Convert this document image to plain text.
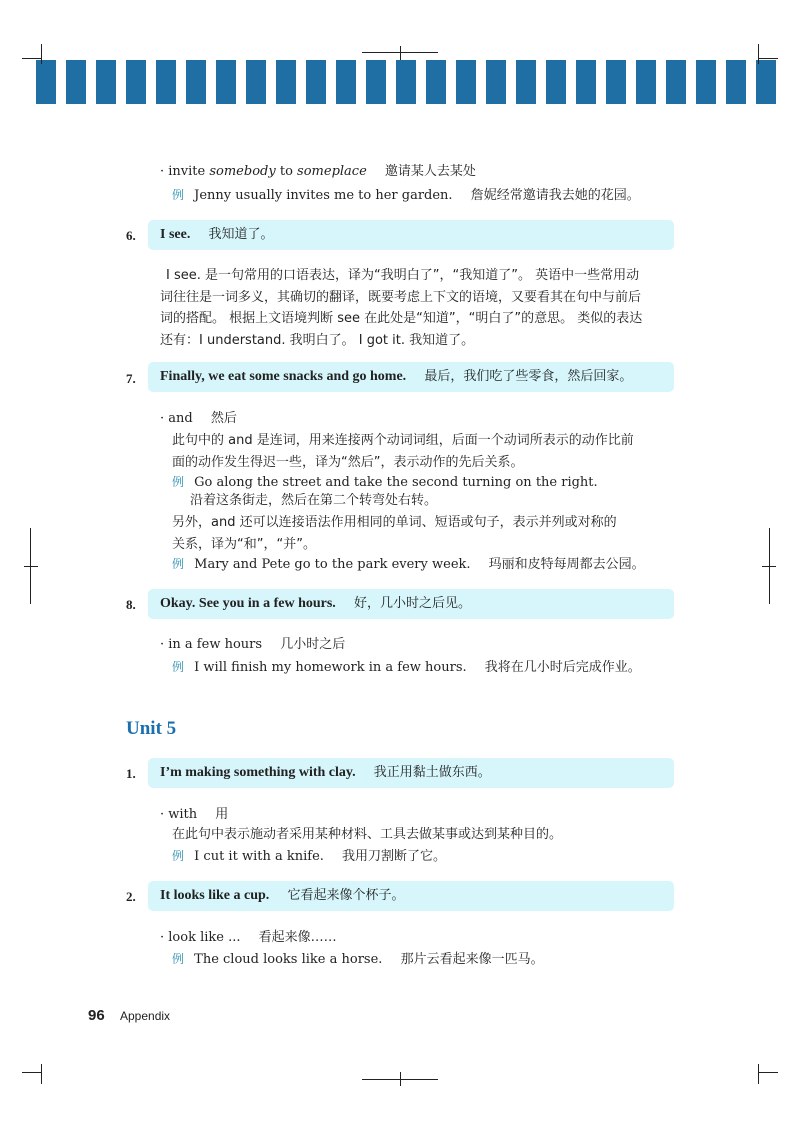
· invite somebody to someplace 邀请某人去某处
例 Jenny usually invites me to her garden. 詹妮经常邀请我去她的花园。
6. I see. 我知道了。
I see. 是一句常用的口语表达，译为“我明白了”，“我知道了”。 英语中一些常用动
词往往是一词多义，其确切的翻译，既要考虑上下文的语境，又要看其在句中与前后
词的搭配。 根据上文语境判断 see 在此处是“知道”，“明白了”的意思。 类似的表达
还有：I understand. 我明白了。 I got it. 我知道了。
7. Finally, we eat some snacks and go home. 最后，我们吃了些零食，然后回家。
· and 然后
此句中的 and 是连词，用来连接两个动词词组，后面一个动词所表示的动作比前
面的动作发生得迟一些，译为“然后”，表示动作的先后关系。
例 Go along the street and take the second turning on the right.
沿着这条街走，然后在第二个转弯处右转。
另外，and 还可以连接语法作用相同的单词、短语或句子，表示并列或对称的
关系，译为“和”，“并”。
例 Mary and Pete go to the park every week. 玛丽和皮特每周都去公园。
8. Okay. See you in a few hours. 好，几小时之后见。
· in a few hours 几小时之后
例 I will finish my homework in a few hours. 我将在几小时后完成作业。
Unit 5
1. I’m making something with clay. 我正用黏土做东西。
· with 用
在此句中表示施动者采用某种材料、工具去做某事或达到某种目的。
例 I cut it with a knife. 我用刀割断了它。
2. It looks like a cup. 它看起来像个杯子。
· look like ... 看起来像……
例 The cloud looks like a horse. 那片云看起来像一匹马。
96 Appendix
